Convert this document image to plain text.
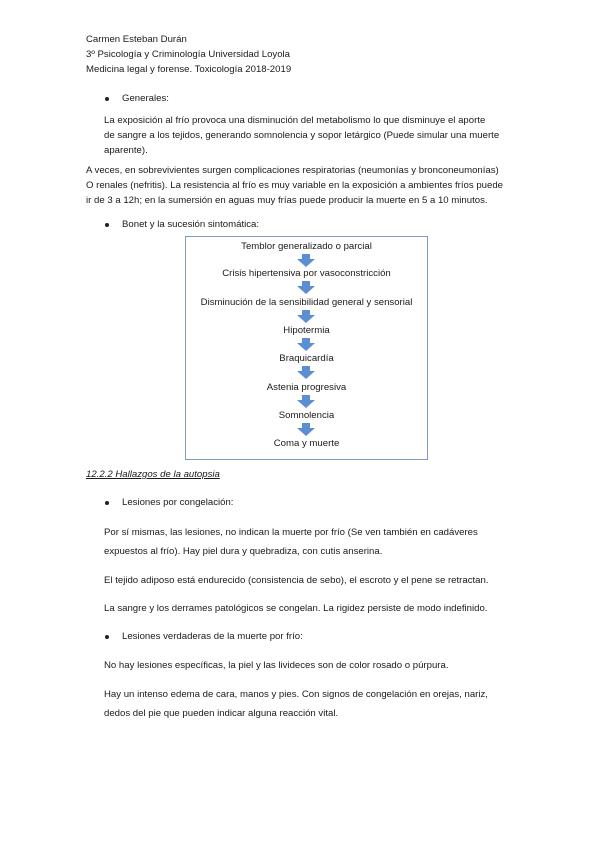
Carmen Esteban Durán
3º Psicología y Criminología Universidad Loyola
Medicina legal y forense. Toxicología 2018-2019
Generales:
La exposición al frío provoca una disminución del metabolismo lo que disminuye el aporte
de sangre a los tejidos, generando somnolencia y sopor letárgico (Puede simular una muerte
aparente).
A veces, en sobrevivientes surgen complicaciones respiratorias (neumonías y bronconeumonías)
O renales (nefritis). La resistencia al frío es muy variable en la exposición a ambientes fríos puede
ir de 3 a 12h; en la sumersión en aguas muy frías puede producir la muerte en 5 a 10 minutos.
Bonet y la sucesión sintomática:
Temblor generalizado o parcial
Crisis hipertensiva por vasoconstricción
Disminución de la sensibilidad general y sensorial
Hipotermia
Braquicardía
Astenia progresiva
Somnolencia
Coma y muerte
12.2.2 Hallazgos de la autopsia
Lesiones por congelación:
Por sí mismas, las lesiones, no indican la muerte por frío (Se ven también en cadáveres
expuestos al frío). Hay piel dura y quebradiza, con cutis anserina.
El tejido adiposo está endurecido (consistencia de sebo), el escroto y el pene se retractan.
La sangre y los derrames patológicos se congelan. La rigidez persiste de modo indefinido.
Lesiones verdaderas de la muerte por frío:
No hay lesiones específicas, la piel y las livideces son de color rosado o púrpura.
Hay un intenso edema de cara, manos y pies. Con signos de congelación en orejas, nariz,
dedos del pie que pueden indicar alguna reacción vital.
